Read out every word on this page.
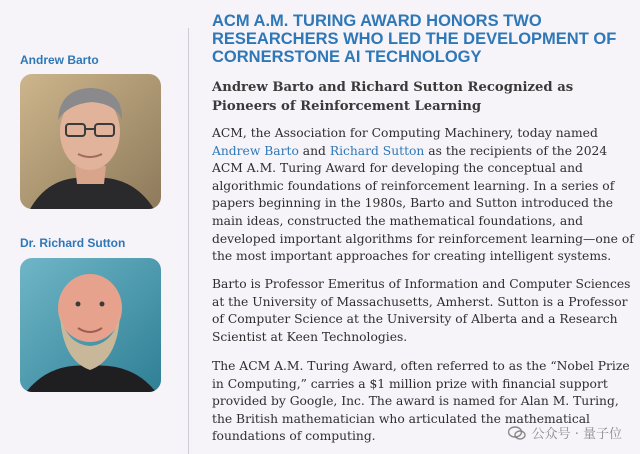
Andrew Barto
Dr. Richard Sutton
ACM A.M. TURING AWARD HONORS TWO RESEARCHERS WHO LED THE DEVELOPMENT OF CORNERSTONE AI TECHNOLOGY
Andrew Barto and Richard Sutton Recognized as Pioneers of Reinforcement Learning

ACM, the Association for Computing Machinery, today named Andrew Barto and Richard Sutton as the recipients of the 2024 ACM A.M. Turing Award for developing the conceptual and algorithmic foundations of reinforcement learning. In a series of papers beginning in the 1980s, Barto and Sutton introduced the main ideas, constructed the mathematical foundations, and developed important algorithms for reinforcement learning—one of the most important approaches for creating intelligent systems.

Barto is Professor Emeritus of Information and Computer Sciences at the University of Massachusetts, Amherst. Sutton is a Professor of Computer Science at the University of Alberta and a Research Scientist at Keen Technologies.

The ACM A.M. Turing Award, often referred to as the “Nobel Prize in Computing,” carries a $1 million prize with financial support provided by Google, Inc. The award is named for Alan M. Turing, the British mathematician who articulated the mathematical foundations of computing.	公众号 · 量子位
